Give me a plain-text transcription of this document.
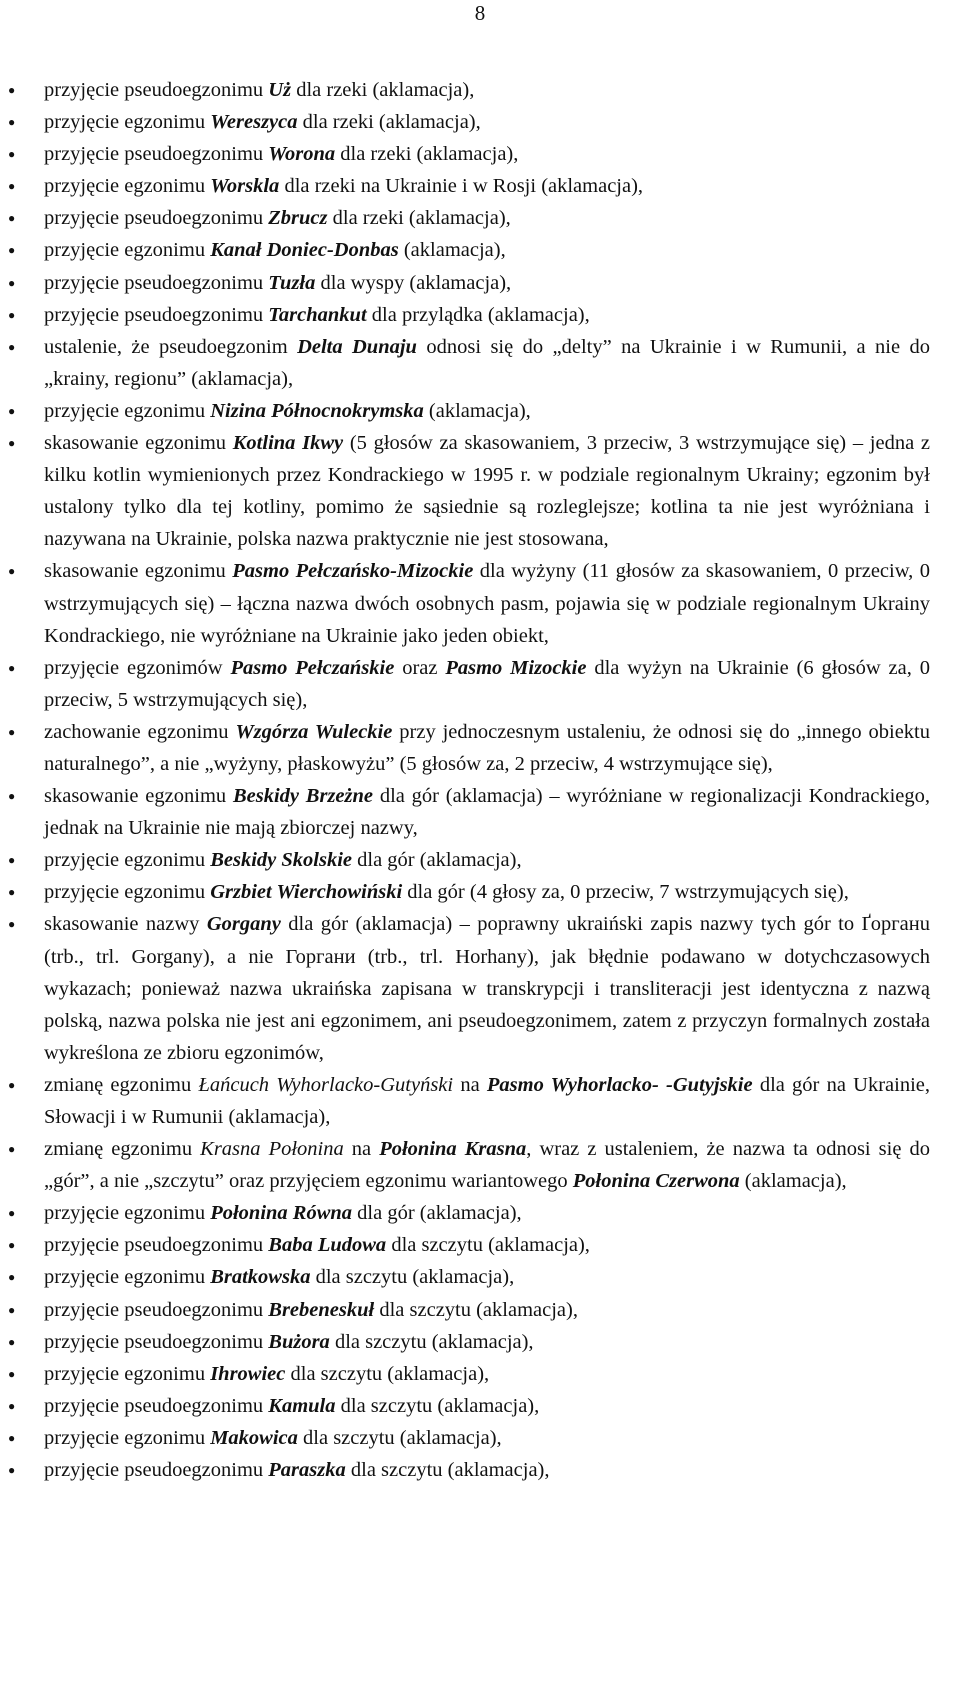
8
● przyjęcie pseudoegzonimu Uż dla rzeki (aklamacja),
● przyjęcie egzonimu Wereszyca dla rzeki (aklamacja),
● przyjęcie pseudoegzonimu Worona dla rzeki (aklamacja),
● przyjęcie egzonimu Worskla dla rzeki na Ukrainie i w Rosji (aklamacja),
● przyjęcie pseudoegzonimu Zbrucz dla rzeki (aklamacja),
● przyjęcie egzonimu Kanał Doniec-Donbas (aklamacja),
● przyjęcie pseudoegzonimu Tuzła dla wyspy (aklamacja),
● przyjęcie pseudoegzonimu Tarchankut dla przylądka (aklamacja),
● ustalenie, że pseudoegzonim Delta Dunaju odnosi się do „delty” na Ukrainie i w Rumunii, a nie do „krainy, regionu” (aklamacja),
● przyjęcie egzonimu Nizina Północnokrymska (aklamacja),
● skasowanie egzonimu Kotlina Ikwy (5 głosów za skasowaniem, 3 przeciw, 3 wstrzymujące się) – jedna z kilku kotlin wymienionych przez Kondrackiego w 1995 r. w podziale regionalnym Ukrainy; egzonim był ustalony tylko dla tej kotliny, pomimo że sąsiednie są rozleglejsze; kotlina ta nie jest wyróżniana i nazywana na Ukrainie, polska nazwa praktycznie nie jest stosowana,
● skasowanie egzonimu Pasmo Pełczańsko-Mizockie dla wyżyny (11 głosów za skasowaniem, 0 przeciw, 0 wstrzymujących się) – łączna nazwa dwóch osobnych pasm, pojawia się w podziale regionalnym Ukrainy Kondrackiego, nie wyróżniane na Ukrainie jako jeden obiekt,
● przyjęcie egzonimów Pasmo Pełczańskie oraz Pasmo Mizockie dla wyżyn na Ukrainie (6 głosów za, 0 przeciw, 5 wstrzymujących się),
● zachowanie egzonimu Wzgórza Wuleckie przy jednoczesnym ustaleniu, że odnosi się do „innego obiektu naturalnego”, a nie „wyżyny, płaskowyżu” (5 głosów za, 2 przeciw, 4 wstrzymujące się),
● skasowanie egzonimu Beskidy Brzeżne dla gór (aklamacja) – wyróżniane w regionalizacji Kondrackiego, jednak na Ukrainie nie mają zbiorczej nazwy,
● przyjęcie egzonimu Beskidy Skolskie dla gór (aklamacja),
● przyjęcie egzonimu Grzbiet Wierchowiński dla gór (4 głosy za, 0 przeciw, 7 wstrzymujących się),
● skasowanie nazwy Gorgany dla gór (aklamacja) – poprawny ukraiński zapis nazwy tych gór to Ґорганu (trb., trl. Gorgany), a nie Горгани (trb., trl. Horhany), jak błędnie podawano w dotychczasowych wykazach; ponieważ nazwa ukraińska zapisana w transkrypcji i transliteracji jest identyczna z nazwą polską, nazwa polska nie jest ani egzonimem, ani pseudoegzonimem, zatem z przyczyn formalnych została wykreślona ze zbioru egzonimów,
● zmianę egzonimu Łańcuch Wyhorlacko-Gutyński na Pasmo Wyhorlacko- -Gutyjskie dla gór na Ukrainie, Słowacji i w Rumunii (aklamacja),
● zmianę egzonimu Krasna Połonina na Połonina Krasna, wraz z ustaleniem, że nazwa ta odnosi się do „gór”, a nie „szczytu” oraz przyjęciem egzonimu wariantowego Połonina Czerwona (aklamacja),
● przyjęcie egzonimu Połonina Równa dla gór (aklamacja),
● przyjęcie pseudoegzonimu Baba Ludowa dla szczytu (aklamacja),
● przyjęcie egzonimu Bratkowska dla szczytu (aklamacja),
● przyjęcie pseudoegzonimu Brebeneskuł dla szczytu (aklamacja),
● przyjęcie pseudoegzonimu Bużora dla szczytu (aklamacja),
● przyjęcie egzonimu Ihrowiec dla szczytu (aklamacja),
● przyjęcie pseudoegzonimu Kamula dla szczytu (aklamacja),
● przyjęcie egzonimu Makowica dla szczytu (aklamacja),
● przyjęcie pseudoegzonimu Paraszka dla szczytu (aklamacja),
